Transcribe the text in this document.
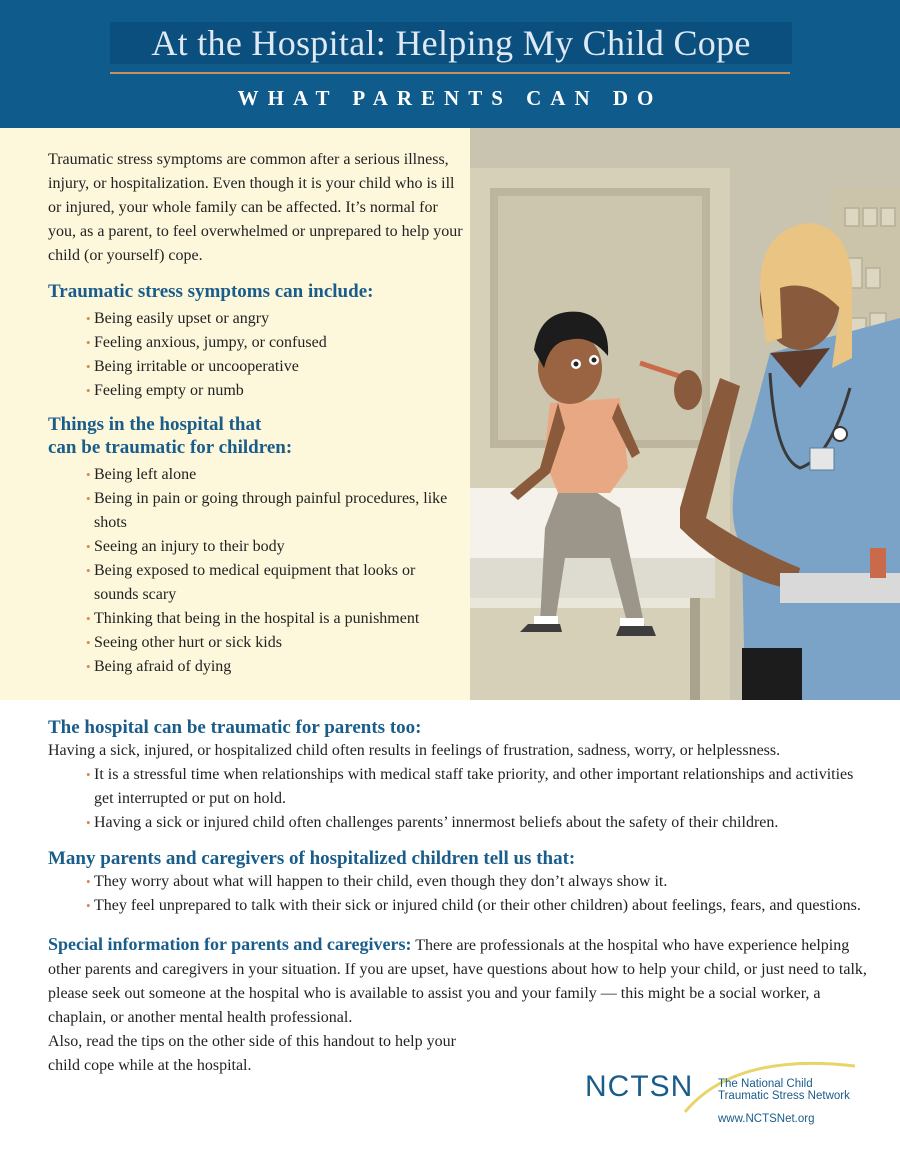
At the Hospital: Helping My Child Cope
WHAT PARENTS CAN DO

Traumatic stress symptoms are common after a serious illness, injury, or hospitalization. Even though it is your child who is ill or injured, your whole family can be affected. It’s normal for you, as a parent, to feel overwhelmed or unprepared to help your child (or yourself) cope.

Traumatic stress symptoms can include:
• Being easily upset or angry
• Feeling anxious, jumpy, or confused
• Being irritable or uncooperative
• Feeling empty or numb
Things in the hospital that
can be traumatic for children:
• Being left alone
• Being in pain or going through painful procedures, like shots
• Seeing an injury to their body
• Being exposed to medical equipment that looks or sounds scary
• Thinking that being in the hospital is a punishment
• Seeing other hurt or sick kids
• Being afraid of dying
The hospital can be traumatic for parents too:

Having a sick, injured, or hospitalized child often results in feelings of frustration, sadness, worry, or helplessness.

• It is a stressful time when relationships with medical staff take priority, and other important relationships and activities get interrupted or put on hold.
• Having a sick or injured child often challenges parents’ innermost beliefs about the safety of their children.
Many parents and caregivers of hospitalized children tell us that:
• They worry about what will happen to their child, even though they don’t always show it.
• They feel unprepared to talk with their sick or injured child (or their other children) about feelings, fears, and questions.

Special information for parents and caregivers: There are professionals at the hospital who have experience helping other parents and caregivers in your situation. If you are upset, have questions about how to help your child, or just need to talk, please seek out someone at the hospital who is available to assist you and your family — this might be a social worker, a chaplain, or another mental health professional.

Also, read the tips on the other side of this handout to help your

child cope while at the hospital.

NCTSN The National Child
Traumatic Stress Network
www.NCTSNet.org
